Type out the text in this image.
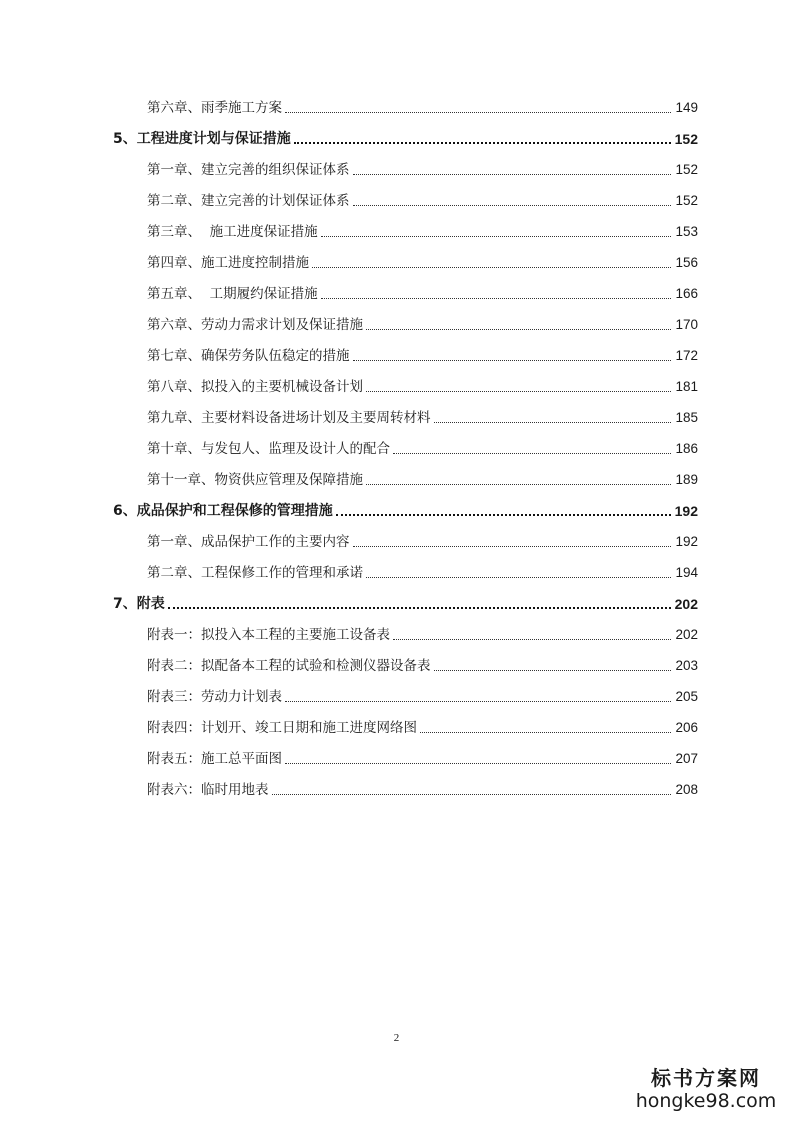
第六章、雨季施工方案	149
5、工程进度计划与保证措施	152
第一章、建立完善的组织保证体系	152
第二章、建立完善的计划保证体系	152
第三章、  施工进度保证措施	153
第四章、施工进度控制措施	156
第五章、  工期履约保证措施	166
第六章、劳动力需求计划及保证措施	170
第七章、确保劳务队伍稳定的措施	172
第八章、拟投入的主要机械设备计划	181
第九章、主要材料设备进场计划及主要周转材料	185
第十章、与发包人、监理及设计人的配合	186
第十一章、物资供应管理及保障措施	189
6、成品保护和工程保修的管理措施	192
第一章、成品保护工作的主要内容	192
第二章、工程保修工作的管理和承诺	194
7、附表	202
附表一：拟投入本工程的主要施工设备表	202
附表二：拟配备本工程的试验和检测仪器设备表	203
附表三：劳动力计划表	205
附表四：计划开、竣工日期和施工进度网络图	206
附表五：施工总平面图	207
附表六：临时用地表	208
2
标书方案网
hongke98.com
